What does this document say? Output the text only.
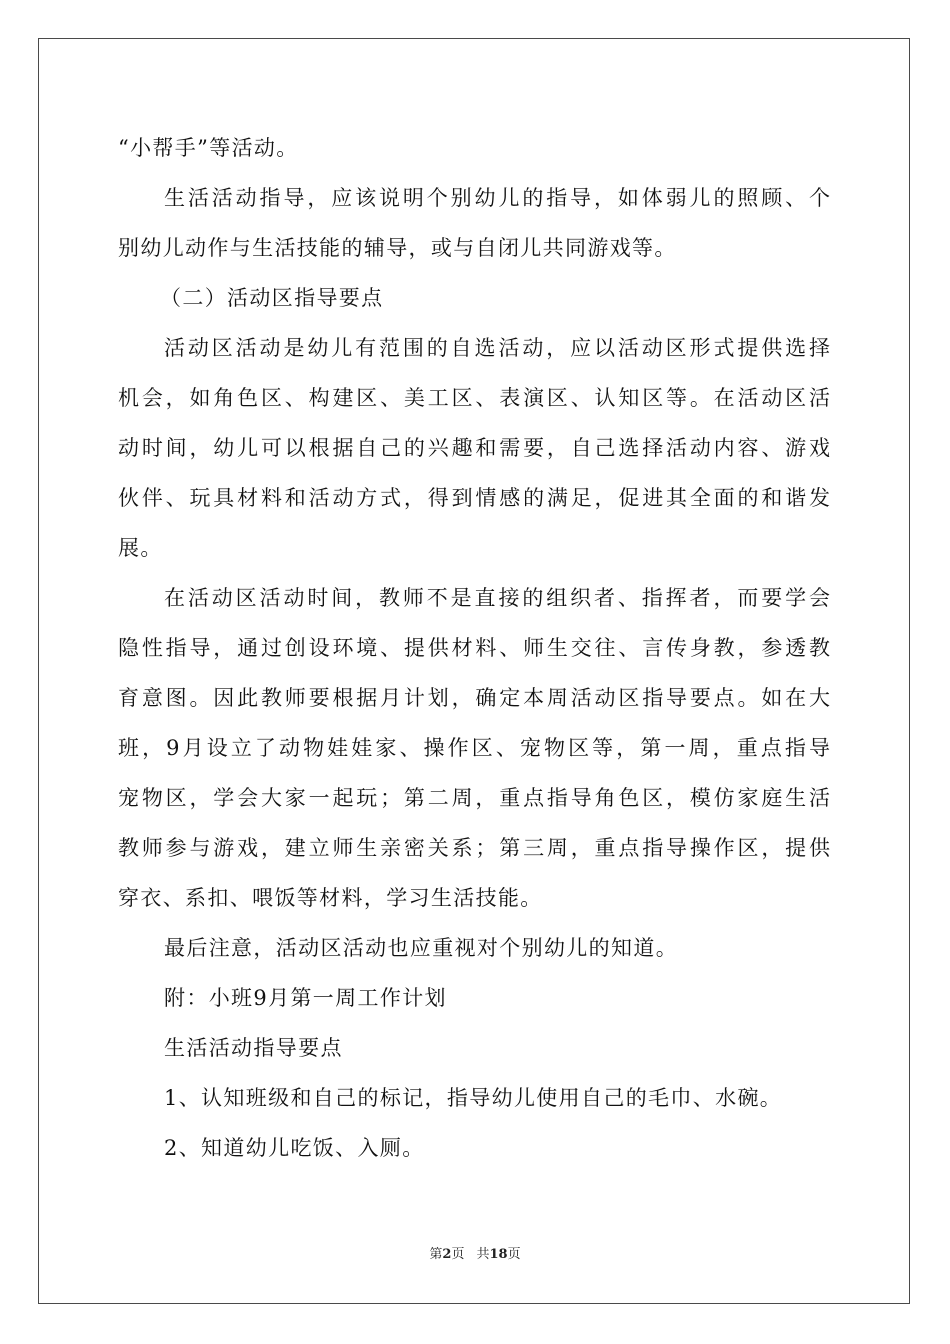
“小帮手”等活动。

生活活动指导，应该说明个别幼儿的指导，如体弱儿的照顾、个

别幼儿动作与生活技能的辅导，或与自闭儿共同游戏等。

（二）活动区指导要点

活动区活动是幼儿有范围的自选活动，应以活动区形式提供选择

机会，如角色区、构建区、美工区、表演区、认知区等。在活动区活

动时间，幼儿可以根据自己的兴趣和需要，自己选择活动内容、游戏

伙伴、玩具材料和活动方式，得到情感的满足，促进其全面的和谐发

展。

在活动区活动时间，教师不是直接的组织者、指挥者，而要学会

隐性指导，通过创设环境、提供材料、师生交往、言传身教，参透教

育意图。因此教师要根据月计划，确定本周活动区指导要点。如在大

班，9月设立了动物娃娃家、操作区、宠物区等，第一周，重点指导

宠物区，学会大家一起玩；第二周，重点指导角色区，模仿家庭生活

教师参与游戏，建立师生亲密关系；第三周，重点指导操作区，提供

穿衣、系扣、喂饭等材料，学习生活技能。

最后注意，活动区活动也应重视对个别幼儿的知道。

附：小班9月第一周工作计划

生活活动指导要点

1、认知班级和自己的标记，指导幼儿使用自己的毛巾、水碗。

2、知道幼儿吃饭、入厕。

第2页 共18页
